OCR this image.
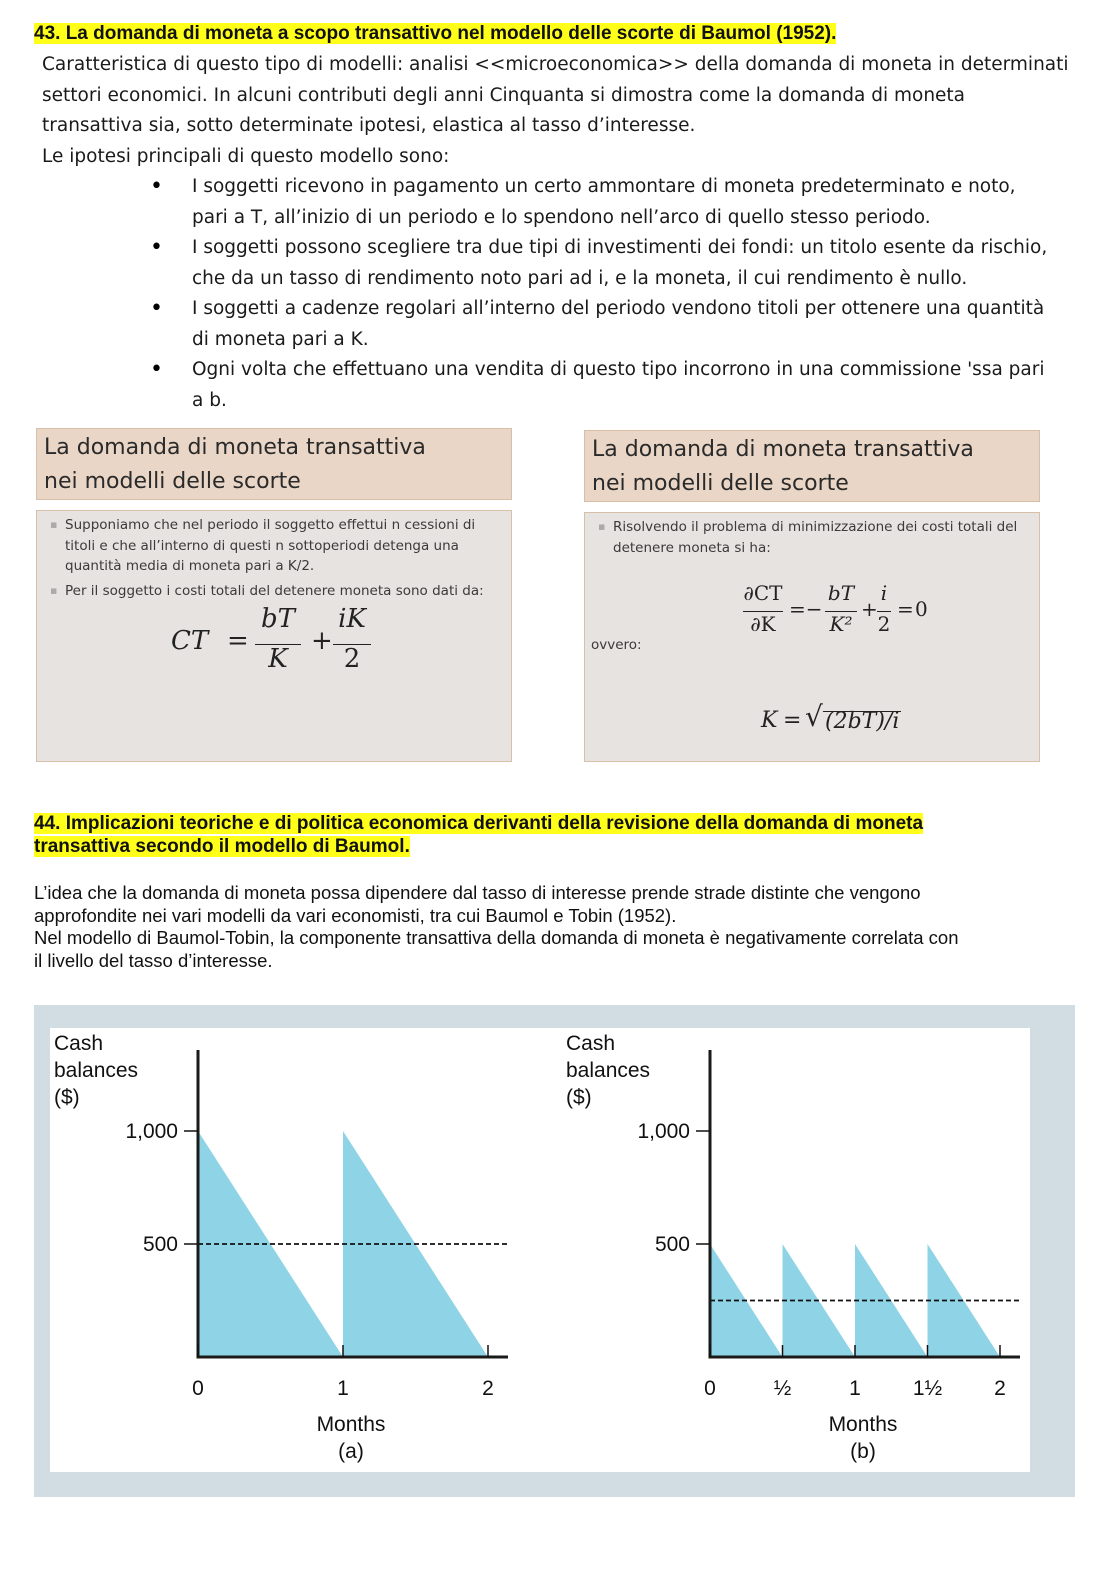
43. La domanda di moneta a scopo transattivo nel modello delle scorte di Baumol (1952).
Caratteristica di questo tipo di modelli: analisi <<microeconomica>> della domanda di moneta in determinati
settori economici. In alcuni contributi degli anni Cinquanta si dimostra come la domanda di moneta
transattiva sia, sotto determinate ipotesi, elastica al tasso d’interesse.
Le ipotesi principali di questo modello sono:
• I soggetti ricevono in pagamento un certo ammontare di moneta predeterminato e noto,
pari a T, all’inizio di un periodo e lo spendono nell’arco di quello stesso periodo.
• I soggetti possono scegliere tra due tipi di investimenti dei fondi: un titolo esente da rischio,
che da un tasso di rendimento noto pari ad i, e la moneta, il cui rendimento è nullo.
• I soggetti a cadenze regolari all’interno del periodo vendono titoli per ottenere una quantità
di moneta pari a K.
• Ogni volta che effettuano una vendita di questo tipo incorrono in una commissione 'ssa pari
a b.
La domanda di moneta transattiva
nei modelli delle scorte
▪ Supponiamo che nel periodo il soggetto effettui n cessioni di
titoli e che all’interno di questi n sottoperiodi detenga una
quantità media di moneta pari a K/2.
▪ Per il soggetto i costi totali del detenere moneta sono dati da:
CT =
bT
K
+
iK
2
La domanda di moneta transattiva
nei modelli delle scorte
▪ Risolvendo il problema di minimizzazione dei costi totali del
detenere moneta si ha:
ovvero:
∂CT
∂K
=−
bT
K²
+
i
2
= 0
K = √ (2bT)/i
44. Implicazioni teoriche e di politica economica derivanti della revisione della domanda di moneta
transattiva secondo il modello di Baumol.
L’idea che la domanda di moneta possa dipendere dal tasso di interesse prende strade distinte che vengono
approfondite nei vari modelli da vari economisti, tra cui Baumol e Tobin (1952).
Nel modello di Baumol-Tobin, la componente transattiva della domanda di moneta è negativamente correlata con
il livello del tasso d’interesse.
500
1,000
0	1	2
Cash
balances
($)
Months
(a)
500
1,000
0	½	1 1½ 2
Cash
balances
($)
Months
(b)
